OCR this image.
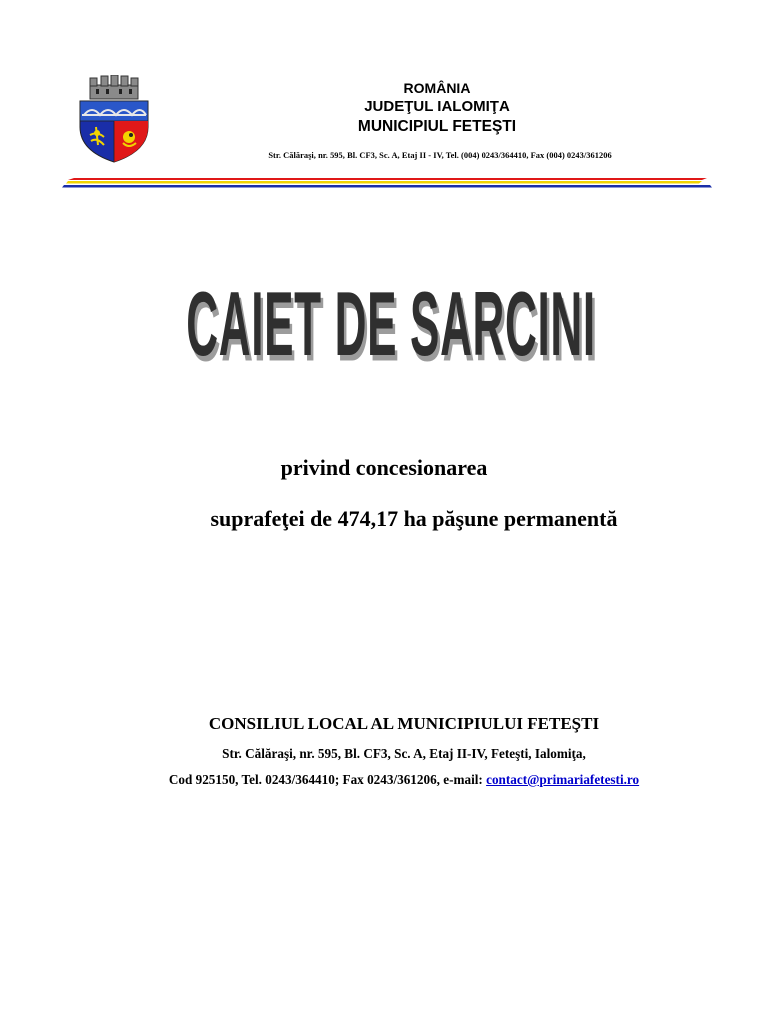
ROMÂNIA
JUDEŢUL IALOMIŢA
MUNICIPIUL FETEŞTI
Str. Călăraşi, nr. 595, Bl. CF3, Sc. A, Etaj II - IV, Tel. (004) 0243/364410, Fax (004) 0243/361206
CAIET DE SARCINI
privind concesionarea
suprafeţei de 474,17 ha păşune permanentă
CONSILIUL LOCAL AL MUNICIPIULUI FETEŞTI
Str. Călăraşi, nr. 595, Bl. CF3, Sc. A, Etaj II-IV, Feteşti, Ialomiţa,
Cod 925150, Tel. 0243/364410; Fax 0243/361206, e-mail: contact@primariafetesti.ro
